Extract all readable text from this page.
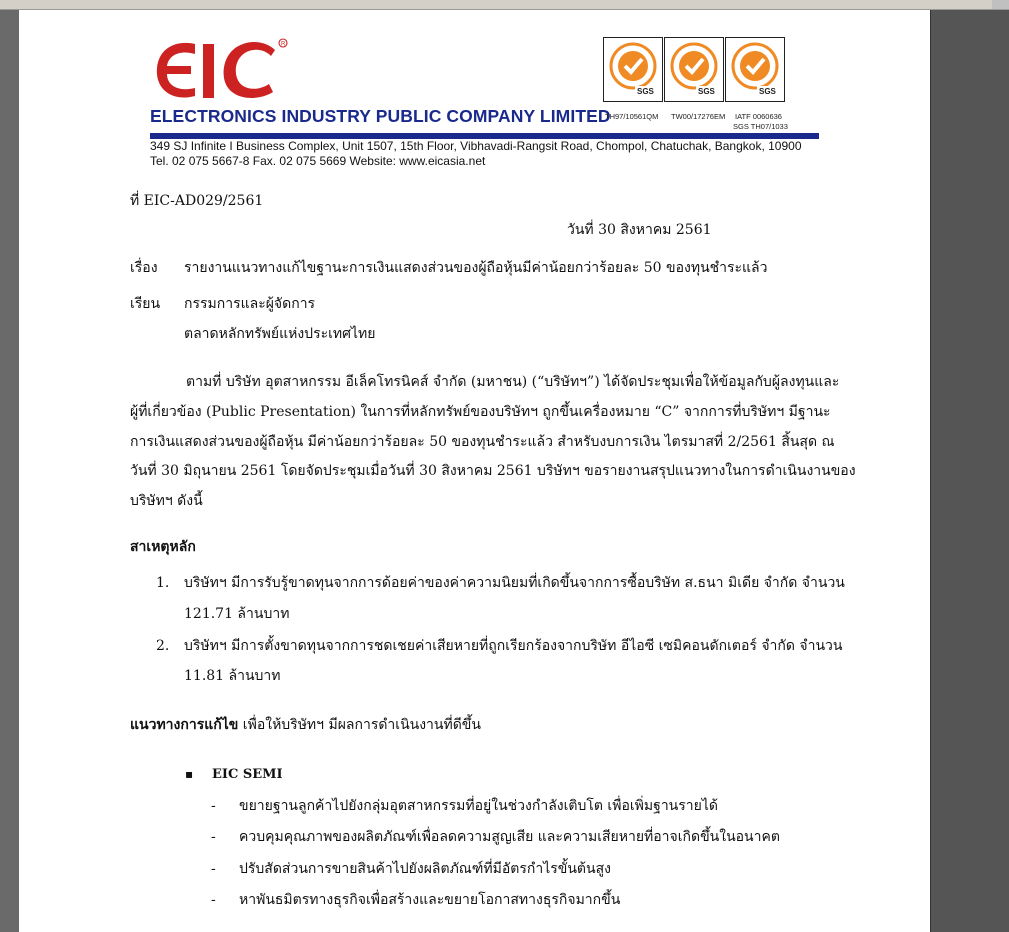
R
ELECTRONICS INDUSTRY PUBLIC COMPANY LIMITED
SGS	SGS	SGS
TH97/10561QM TW00/17276EM IATF 0060636
SGS TH07/1033
349 SJ Infinite I Business Complex, Unit 1507, 15th Floor, Vibhavadi-Rangsit Road, Chompol, Chatuchak, Bangkok, 10900
Tel. 02 075 5667-8 Fax. 02 075 5669 Website: www.eicasia.net
ที่ EIC-AD029/2561
วันที่ 30 สิงหาคม 2561
เรื่อง รายงานแนวทางแก้ไขฐานะการเงินแสดงส่วนของผู้ถือหุ้นมีค่าน้อยกว่าร้อยละ 50 ของทุนชำระแล้ว
เรียน กรรมการและผู้จัดการ
ตลาดหลักทรัพย์แห่งประเทศไทย
ตามที่ บริษัท อุตสาหกรรม อีเล็คโทรนิคส์ จำกัด (มหาชน) (“บริษัทฯ”) ได้จัดประชุมเพื่อให้ข้อมูลกับผู้ลงทุนและ
ผู้ที่เกี่ยวข้อง (Public Presentation) ในการที่หลักทรัพย์ของบริษัทฯ ถูกขึ้นเครื่องหมาย “C” จากการที่บริษัทฯ มีฐานะ
การเงินแสดงส่วนของผู้ถือหุ้น มีค่าน้อยกว่าร้อยละ 50 ของทุนชำระแล้ว สำหรับงบการเงิน ไตรมาสที่ 2/2561 สิ้นสุด ณ
วันที่ 30 มิถุนายน 2561 โดยจัดประชุมเมื่อวันที่ 30 สิงหาคม 2561 บริษัทฯ ขอรายงานสรุปแนวทางในการดำเนินงานของ
บริษัทฯ ดังนี้
สาเหตุหลัก
1. บริษัทฯ มีการรับรู้ขาดทุนจากการด้อยค่าของค่าความนิยมที่เกิดขึ้นจากการซื้อบริษัท ส.ธนา มิเดีย จำกัด จำนวน
121.71 ล้านบาท
2. บริษัทฯ มีการตั้งขาดทุนจากการชดเชยค่าเสียหายที่ถูกเรียกร้องจากบริษัท อีไอซี เซมิคอนดักเตอร์ จำกัด จำนวน
11.81 ล้านบาท
แนวทางการแก้ไข เพื่อให้บริษัทฯ มีผลการดำเนินงานที่ดีขึ้น
▪ EIC SEMI
- ขยายฐานลูกค้าไปยังกลุ่มอุตสาหกรรมที่อยู่ในช่วงกำลังเติบโต เพื่อเพิ่มฐานรายได้
- ควบคุมคุณภาพของผลิตภัณฑ์เพื่อลดความสูญเสีย และความเสียหายที่อาจเกิดขึ้นในอนาคต
- ปรับสัดส่วนการขายสินค้าไปยังผลิตภัณฑ์ที่มีอัตรกำไรขั้นต้นสูง
- หาพันธมิตรทางธุรกิจเพื่อสร้างและขยายโอกาสทางธุรกิจมากขึ้น
